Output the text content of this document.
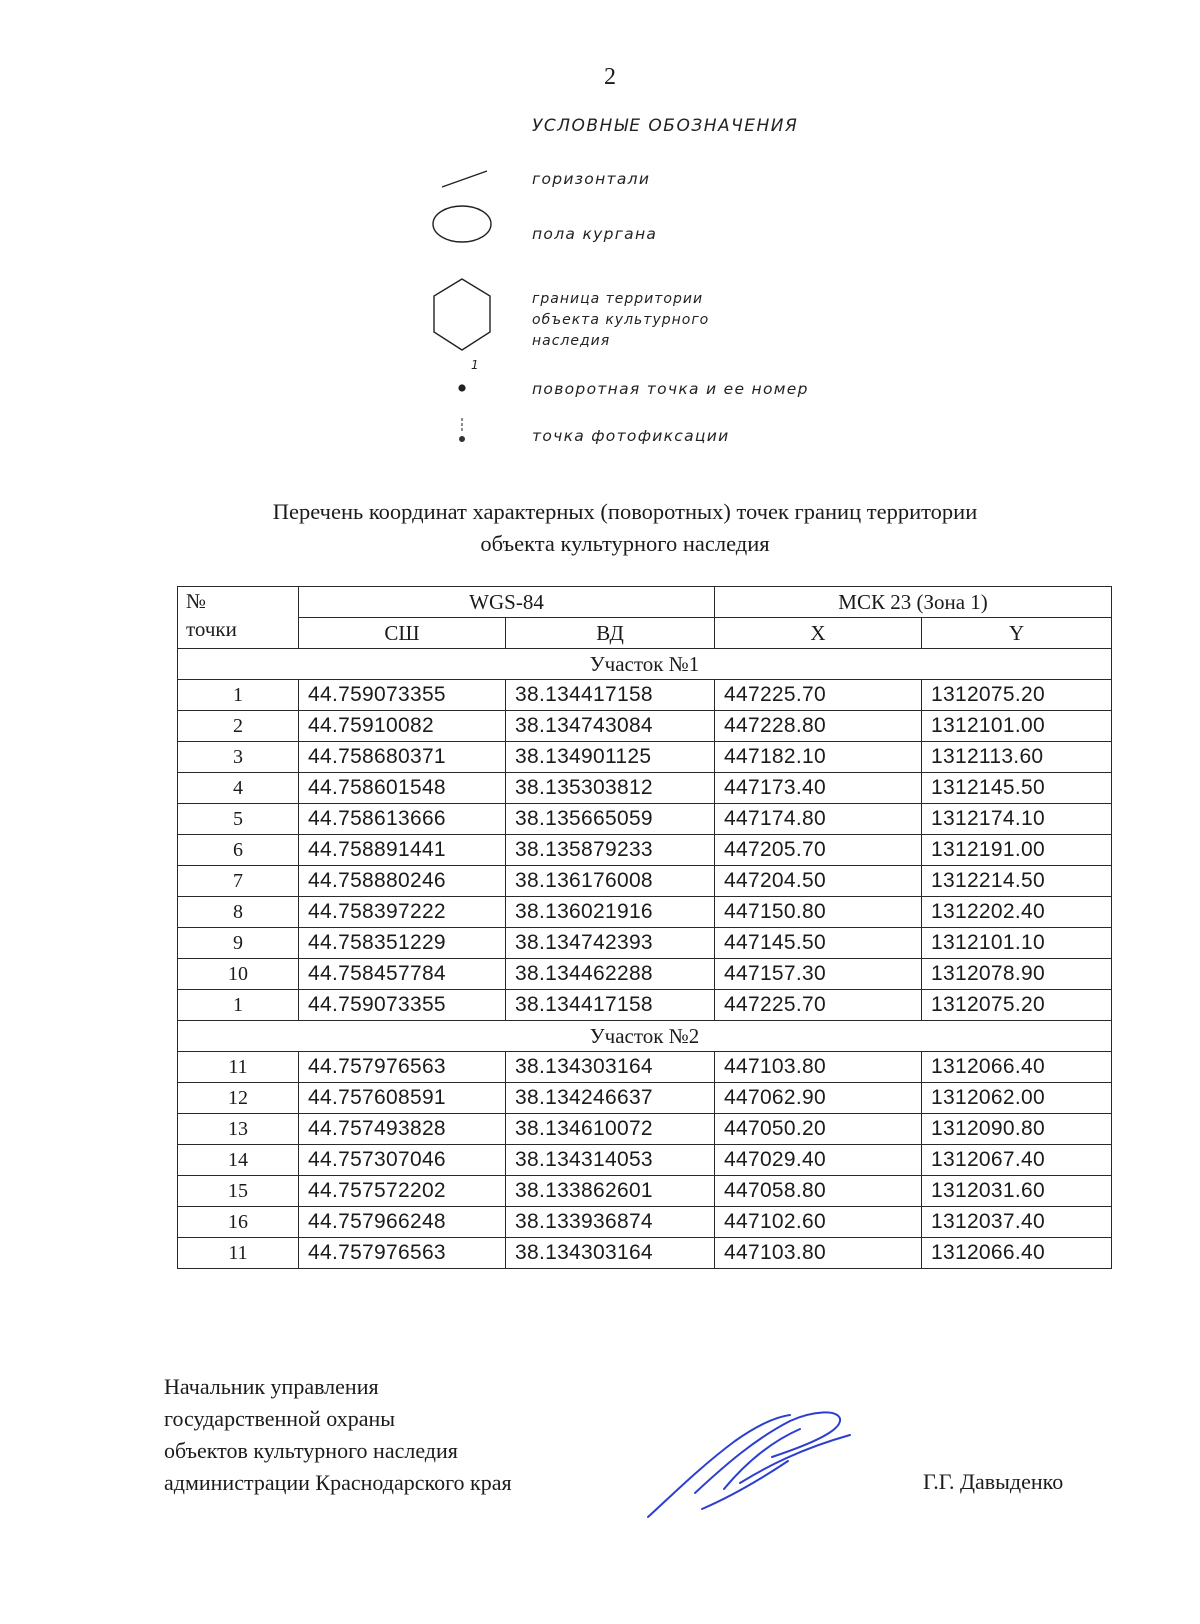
2
УСЛОВНЫЕ ОБОЗНАЧЕНИЯ
горизонтали
пола кургана
граница территории
объекта культурного
наследия
1
поворотная точка и ее номер
точка фотофиксации
Перечень координат характерных (поворотных) точек границ территории
объекта культурного наследия
№
точки	WGS-84		МСК 23 (Зона 1)	
	СШ	ВД	X	Y
Участок №1				
1	44.759073355	38.134417158	447225.70	1312075.20
2	44.75910082	38.134743084	447228.80	1312101.00
3	44.758680371	38.134901125	447182.10	1312113.60
4	44.758601548	38.135303812	447173.40	1312145.50
5	44.758613666	38.135665059	447174.80	1312174.10
6	44.758891441	38.135879233	447205.70	1312191.00
7	44.758880246	38.136176008	447204.50	1312214.50
8	44.758397222	38.136021916	447150.80	1312202.40
9	44.758351229	38.134742393	447145.50	1312101.10
10	44.758457784	38.134462288	447157.30	1312078.90
1	44.759073355	38.134417158	447225.70	1312075.20
Участок №2				
11	44.757976563	38.134303164	447103.80	1312066.40
12	44.757608591	38.134246637	447062.90	1312062.00
13	44.757493828	38.134610072	447050.20	1312090.80
14	44.757307046	38.134314053	447029.40	1312067.40
15	44.757572202	38.133862601	447058.80	1312031.60
16	44.757966248	38.133936874	447102.60	1312037.40
11	44.757976563	38.134303164	447103.80	1312066.40
Начальник управления
государственной охраны
объектов культурного наследия
администрации Краснодарского края	Г.Г. Давыденко
